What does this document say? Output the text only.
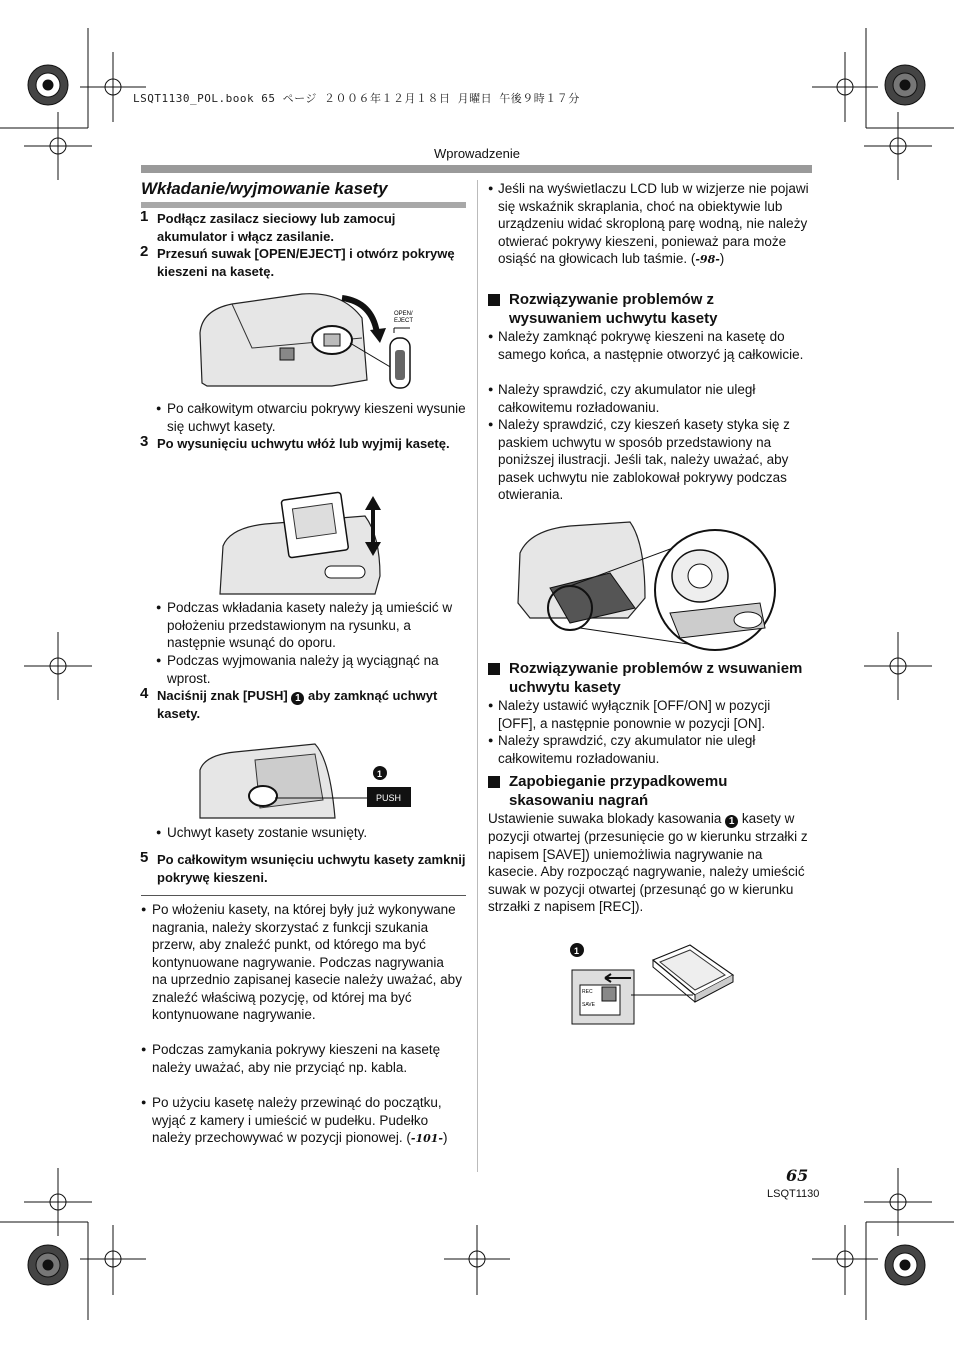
LSQT1130_POL.book 65 ページ ２００６年１２月１８日 月曜日 午後９時１７分
Wprowadzenie
Wkładanie/wyjmowanie kasety
1 Podłącz zasilacz sieciowy lub zamocuj akumulator i włącz zasilanie.
2 Przesuń suwak [OPEN/EJECT] i otwórz pokrywę kieszeni na kasetę.
OPEN/
EJECT
● Po całkowitym otwarciu pokrywy kieszeni wysunie się uchwyt kasety.
3 Po wysunięciu uchwytu włóż lub wyjmij kasetę.
● Podczas wkładania kasety należy ją umieścić w położeniu przedstawionym na rysunku, a następnie wsunąć do oporu.
● Podczas wyjmowania należy ją wyciągnąć na wprost.
4 Naciśnij znak [PUSH] 1 aby zamknąć uchwyt kasety.
1
PUSH
● Uchwyt kasety zostanie wsunięty.
5 Po całkowitym wsunięciu uchwytu kasety zamknij pokrywę kieszeni.
● Po włożeniu kasety, na której były już wykonywane nagrania, należy skorzystać z funkcji szukania przerw, aby znaleźć punkt, od którego ma być kontynuowane nagrywanie. Podczas nagrywania na uprzednio zapisanej kasecie należy uważać, aby znaleźć właściwą pozycję, od której ma być kontynuowane nagrywanie.
● Podczas zamykania pokrywy kieszeni na kasetę należy uważać, aby nie przyciąć np. kabla.
● Po użyciu kasetę należy przewinąć do początku, wyjąć z kamery i umieścić w pudełku. Pudełko należy przechowywać w pozycji pionowej. (-101-)
● Jeśli na wyświetlaczu LCD lub w wizjerze nie pojawi się wskaźnik skraplania, choć na obiektywie lub urządzeniu widać skroploną parę wodną, nie należy otwierać pokrywy kieszeni, ponieważ para może osiąść na głowicach lub taśmie. (-98-)
Rozwiązywanie problemów z wysuwaniem uchwytu kasety
● Należy zamknąć pokrywę kieszeni na kasetę do samego końca, a następnie otworzyć ją całkowicie.
● Należy sprawdzić, czy akumulator nie uległ całkowitemu rozładowaniu.
● Należy sprawdzić, czy kieszeń kasety styka się z paskiem uchwytu w sposób przedstawiony na poniższej ilustracji. Jeśli tak, należy uważać, aby pasek uchwytu nie zablokował pokrywy podczas otwierania.
Rozwiązywanie problemów z wsuwaniem uchwytu kasety
● Należy ustawić wyłącznik [OFF/ON] w pozycji [OFF], a następnie ponownie w pozycji [ON].
● Należy sprawdzić, czy akumulator nie uległ całkowitemu rozładowaniu.
Zapobieganie przypadkowemu skasowaniu nagrań
Ustawienie suwaka blokady kasowania 1 kasety w pozycji otwartej (przesunięcie go w kierunku strzałki z napisem [SAVE]) uniemożliwia nagrywanie na kasecie. Aby rozpocząć nagrywanie, należy umieścić suwak w pozycji otwartej (przesunąć go w kierunku strzałki z napisem [REC]).
1
REC
SAVE
65
LSQT1130
